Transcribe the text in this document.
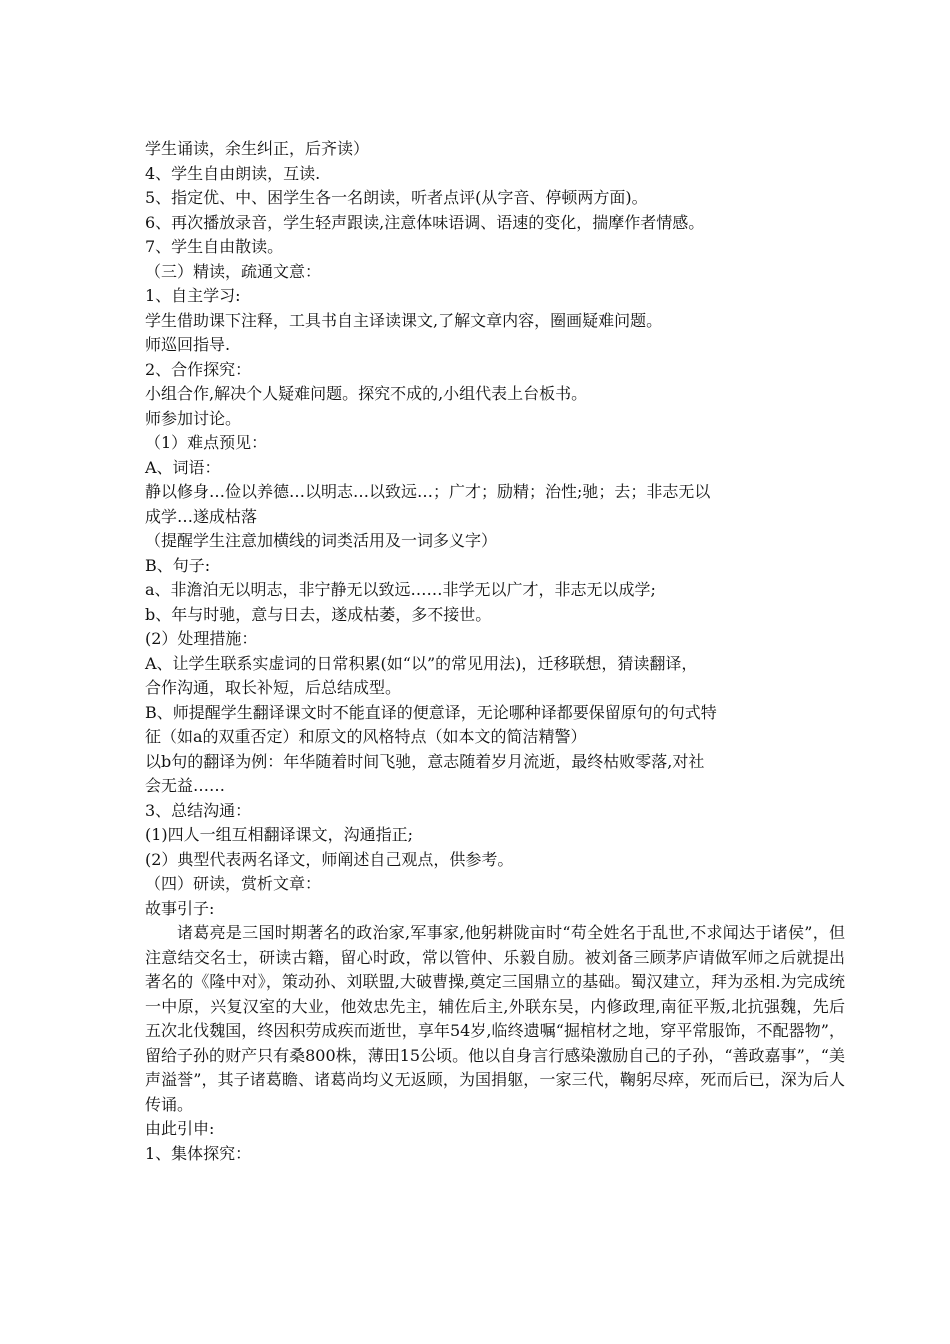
学生诵读，余生纠正，后齐读）
4、学生自由朗读，互读.
5、指定优、中、困学生各一名朗读，听者点评(从字音、停顿两方面)。
6、再次播放录音，学生轻声跟读,注意体味语调、语速的变化，揣摩作者情感。
7、学生自由散读。
（三）精读，疏通文意：
1、自主学习:
学生借助课下注释，工具书自主译读课文,了解文章内容，圈画疑难问题。
师巡回指导.
2、合作探究：
小组合作,解决个人疑难问题。探究不成的,小组代表上台板书。
师参加讨论。
（1）难点预见：
A、词语：
静以修身…俭以养德…以明志…以致远…；广才；励精；治性;驰；去；非志无以
成学…遂成枯落
（提醒学生注意加横线的词类活用及一词多义字）
B、句子:
a、非澹泊无以明志，非宁静无以致远……非学无以广才，非志无以成学;
b、年与时驰，意与日去，遂成枯萎，多不接世。
(2）处理措施：
A、让学生联系实虚词的日常积累(如“以”的常见用法)，迁移联想，猜读翻译，
合作沟通，取长补短，后总结成型。
B、师提醒学生翻译课文时不能直译的便意译，无论哪种译都要保留原句的句式特
征（如a的双重否定）和原文的风格特点（如本文的简洁精警）
以b句的翻译为例：年华随着时间飞驰，意志随着岁月流逝，最终枯败零落,对社
会无益……
3、总结沟通：
(1)四人一组互相翻译课文，沟通指正;
(2）典型代表两名译文，师阐述自己观点，供参考。
（四）研读，赏析文章：
故事引子:
诸葛亮是三国时期著名的政治家,军事家,他躬耕陇亩时“苟全姓名于乱世,不求闻达于诸侯”，但注意结交名士，研读古籍，留心时政，常以管仲、乐毅自励。被刘备三顾茅庐请做军师之后就提出著名的《隆中对》，策动孙、刘联盟,大破曹操,奠定三国鼎立的基础。蜀汉建立，拜为丞相.为完成统一中原，兴复汉室的大业，他效忠先主，辅佐后主,外联东吴，内修政理,南征平叛,北抗强魏，先后五次北伐魏国，终因积劳成疾而逝世，享年54岁,临终遗嘱“掘棺材之地，穿平常服饰，不配器物”，留给子孙的财产只有桑800株，薄田15公顷。他以自身言行感染激励自己的子孙，“善政嘉事”，“美声溢誉”，其子诸葛瞻、诸葛尚均义无返顾，为国捐躯，一家三代，鞠躬尽瘁，死而后已，深为后人传诵。
由此引申:
1、集体探究：
